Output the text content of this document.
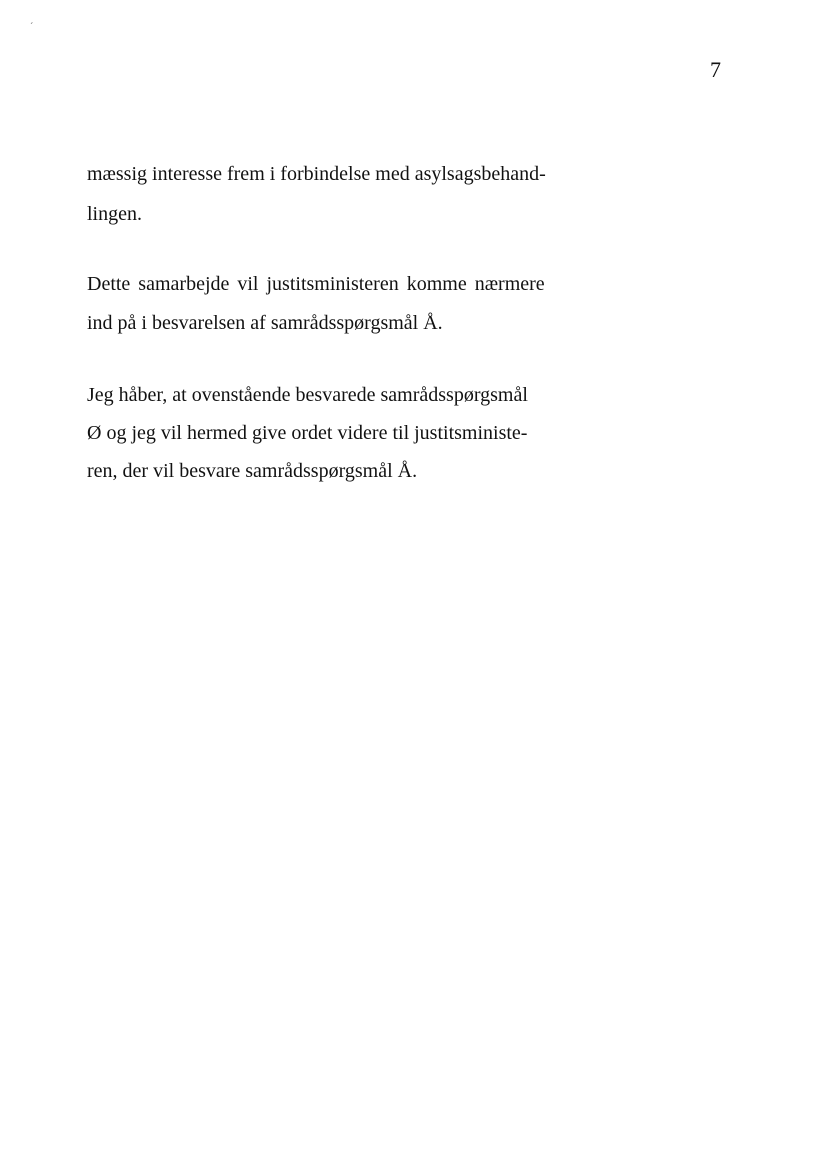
ˊ
7
mæssig interesse frem i forbindelse med asylsagsbehand-
lingen.
Dette samarbejde vil justitsministeren komme nærmere
ind på i besvarelsen af samrådsspørgsmål Å.
Jeg håber, at ovenstående besvarede samrådsspørgsmål
Ø og jeg vil hermed give ordet videre til justitsministe-
ren, der vil besvare samrådsspørgsmål Å.
